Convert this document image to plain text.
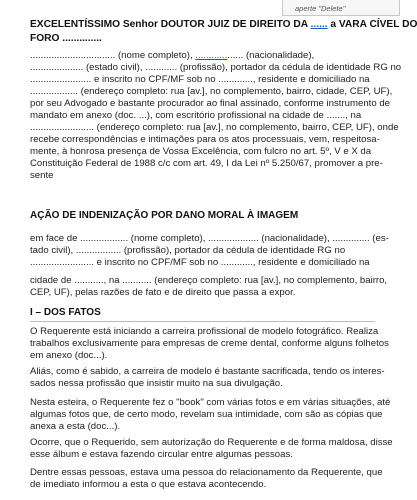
aperte "Delete"
EXCELENTÍSSIMO Senhor DOUTOR JUIZ DE DIREITO DA ...... a VARA CÍVEL DO
FORO ..............
................................ (nome completo), .................. (nacionalidade),
.................... (estado civil), ............ (profissão), portador da cédula de identidade RG no
....................... e inscrito no CPF/MF sob no ............., residente e domiciliado na
.................. (endereço completo: rua [av.], no complemento, bairro, cidade, CEP, UF),
por seu Advogado e bastante procurador ao final assinado, conforme instrumento de
mandato em anexo (doc. ...), com escritório profissional na cidade de ......., na
........................ (endereço completo: rua [av.], no complemento, bairro, CEP, UF), onde
recebe correspondências e intimações para os atos processuais, vem, respeitosa-
mente, à honrosa presença de Vossa Excelência, com fulcro no art. 5º, V e X da
Constituição Federal de 1988 c/c com art. 49, I da Lei nº 5.250/67, promover a pre-
sente
AÇÃO DE INDENIZAÇÃO POR DANO MORAL À IMAGEM
em face de .................. (nome completo), ................... (nacionalidade), .............. (es-
tado civil), ................. (profissão), portador da cédula de identidade RG no
........................ e inscrito no CPF/MF sob no ............, residente e domiciliado na
cidade de ..........., na ........... (endereço completo: rua [av.], no complemento, bairro,
CEP, UF), pelas razões de fato e de direito que passa a expor.
I – DOS FATOS
O Requerente está iniciando a carreira profissional de modelo fotográfico. Realiza
trabalhos exclusivamente para empresas de creme dental, conforme alguns folhetos
em anexo (doc...).
Aliás, como é sabido, a carreira de modelo é bastante sacrificada, tendo os interes-
sados nessa profissão que insistir muito na sua divulgação.
Nesta esteira, o Requerente fez o "book" com várias fotos e em várias situações, até
algumas fotos que, de certo modo, revelam sua intimidade, com são as cópias que
anexa a esta (doc...).
Ocorre, que o Requerido, sem autorização do Requerente e de forma maldosa, disse
esse álbum e estava fazendo circular entre algumas pessoas.
Dentre essas pessoas, estava uma pessoa do relacionamento da Requerente, que
de imediato informou a esta o que estava acontecendo.
